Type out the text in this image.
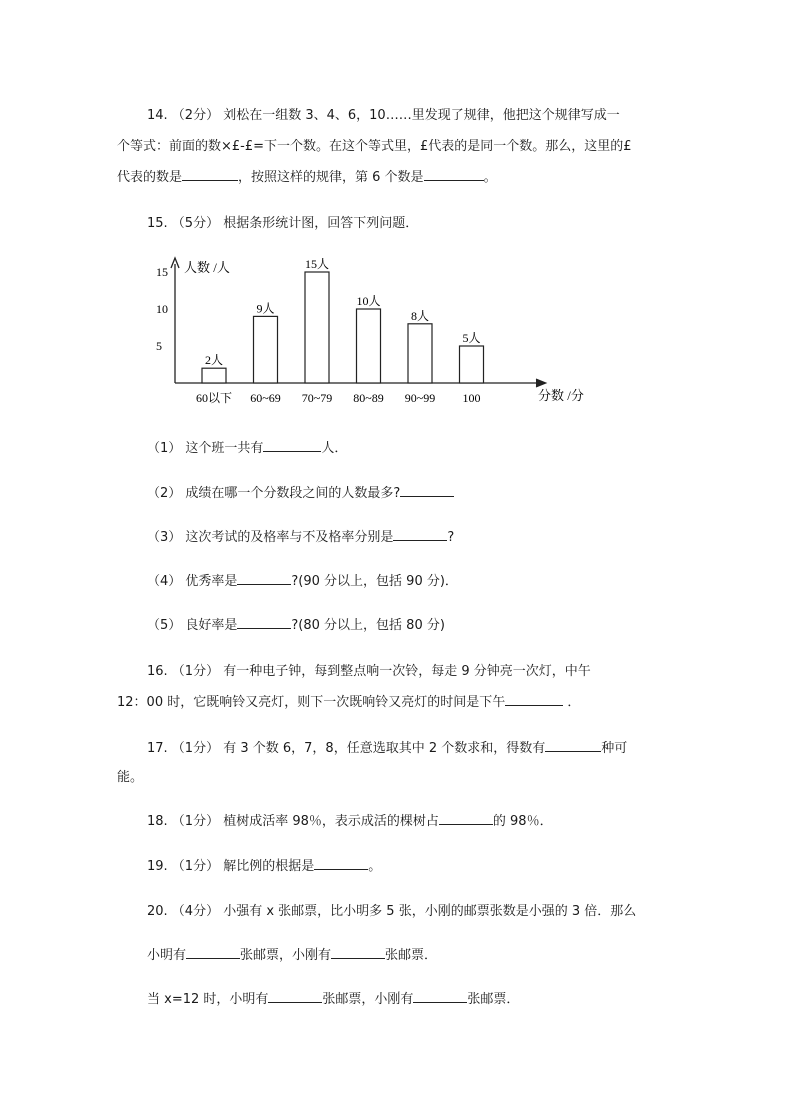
14. （2分） 刘松在一组数 3、4、6，10……里发现了规律，他把这个规律写成一
个等式：前面的数×£-£=下一个数。在这个等式里，£代表的是同一个数。那么，这里的£
代表的数是	，按照这样的规律，第 6 个数是	。
15. （5分） 根据条形统计图，回答下列问题．
人数 /人
分数 /分
5
10
15
2人
60以下
9人
60~69
15人
70~79
10人
80~89
8人
90~99
5人
100
（1） 这个班一共有	人．
（2） 成绩在哪一个分数段之间的人数最多?
（3） 这次考试的及格率与不及格率分别是	?
（4） 优秀率是	?(90 分以上，包括 90 分)．
（5） 良好率是	?(80 分以上，包括 80 分)
16. （1分） 有一种电子钟，每到整点响一次铃，每走 9 分钟亮一次灯，中午
12：00 时，它既响铃又亮灯，则下一次既响铃又亮灯的时间是下午	．
17. （1分） 有 3 个数 6，7，8，任意选取其中 2 个数求和，得数有	种可
能。
18. （1分） 植树成活率 98％，表示成活的棵树占	的 98％．
19. （1分） 解比例的根据是	。
20. （4分） 小强有 x 张邮票，比小明多 5 张，小刚的邮票张数是小强的 3 倍．那么
小明有	张邮票，小刚有	张邮票．
当 x=12 时，小明有	张邮票，小刚有	张邮票．
